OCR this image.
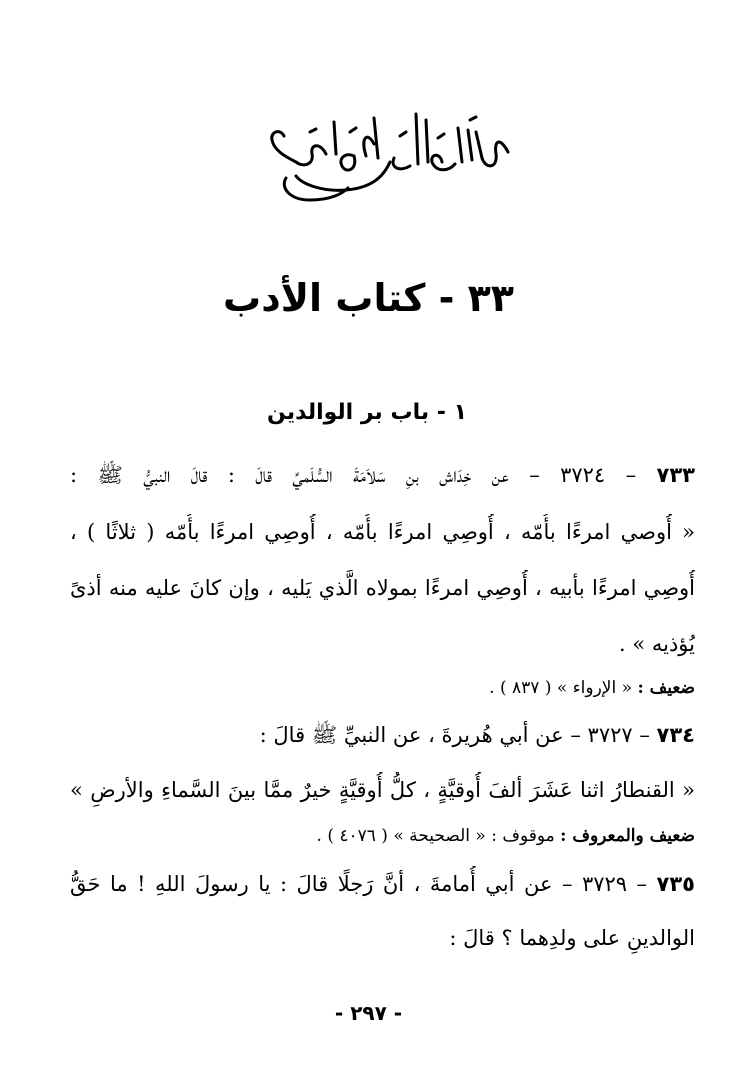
٣٣ - كتاب الأدب
١ - باب بر الوالدين
٧٣٣ – ٣٧٢٤ – عن خِدَاش بنِ سَلاَمَةَ السُّلَميِّ قالَ : قالَ النبيُّ ﷺ :
« أُوصي امرءًا بأُمّه ، أُوصِي امرءًا بأُمّه ، أُوصِي امرءًا بأُمّه ( ثلاثًا ) ،
أُوصِي امرءًا بأبيه ، أُوصِي امرءًا بمولاه الَّذي يَليه ، وإن كانَ عليه منه أذىً
يُؤذيه » .
ضعيف : « الإرواء » ( ٨٣٧ ) .
٧٣٤ – ٣٧٢٧ – عن أبي هُريرةَ ، عن النبيِّ ﷺ قالَ :
« القنطارُ اثنا عَشَرَ ألفَ أُوقيَّةٍ ، كلُّ أُوقيَّةٍ خيرٌ ممَّا بينَ السَّماءِ والأرضِ »
ضعيف والمعروف : موقوف : « الصحيحة » ( ٤٠٧٦ ) .
٧٣٥ – ٣٧٢٩ – عن أبي أُمامةَ ، أنَّ رَجلًا قالَ : يا رسولَ اللهِ ! ما حَقُّ
الوالدينِ على ولدِهما ؟ قالَ :
- ٢٩٧ -
